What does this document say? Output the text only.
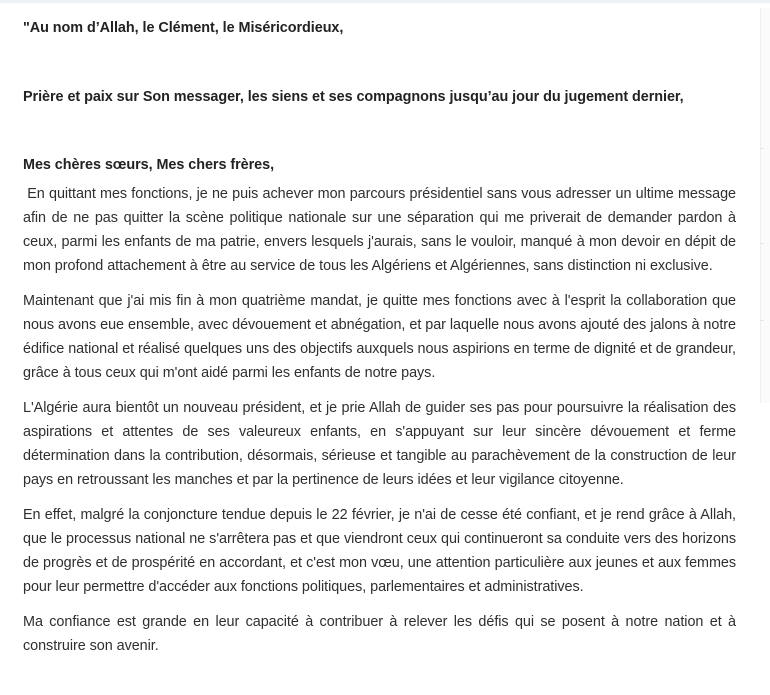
"Au nom d’Allah, le Clément, le Miséricordieux,

Prière et paix sur Son messager, les siens et ses compagnons jusqu’au jour du jugement dernier,

Mes chères sœurs, Mes chers frères,

En quittant mes fonctions, je ne puis achever mon parcours présidentiel sans vous adresser un ultime message afin de ne pas quitter la scène politique nationale sur une séparation qui me priverait de demander pardon à ceux, parmi les enfants de ma patrie, envers lesquels j'aurais, sans le vouloir, manqué à mon devoir en dépit de mon profond attachement à être au service de tous les Algériens et Algériennes, sans distinction ni exclusive.

Maintenant que j'ai mis fin à mon quatrième mandat, je quitte mes fonctions avec à l'esprit la collaboration que nous avons eue ensemble, avec dévouement et abnégation, et par laquelle nous avons ajouté des jalons à notre édifice national et réalisé quelques uns des objectifs auxquels nous aspirions en terme de dignité et de grandeur, grâce à tous ceux qui m'ont aidé parmi les enfants de notre pays.

L'Algérie aura bientôt un nouveau président, et je prie Allah de guider ses pas pour poursuivre la réalisation des aspirations et attentes de ses valeureux enfants, en s'appuyant sur leur sincère dévouement et ferme détermination dans la contribution, désormais, sérieuse et tangible au parachèvement de la construction de leur pays en retroussant les manches et par la pertinence de leurs idées et leur vigilance citoyenne.

En effet, malgré la conjoncture tendue depuis le 22 février, je n'ai de cesse été confiant, et je rend grâce à Allah, que le processus national ne s'arrêtera pas et que viendront ceux qui continueront sa conduite vers des horizons de progrès et de prospérité en accordant, et c'est mon vœu, une attention particulière aux jeunes et aux femmes pour leur permettre d'accéder aux fonctions politiques, parlementaires et administratives.

Ma confiance est grande en leur capacité à contribuer à relever les défis qui se posent à notre nation et à construire son avenir.
